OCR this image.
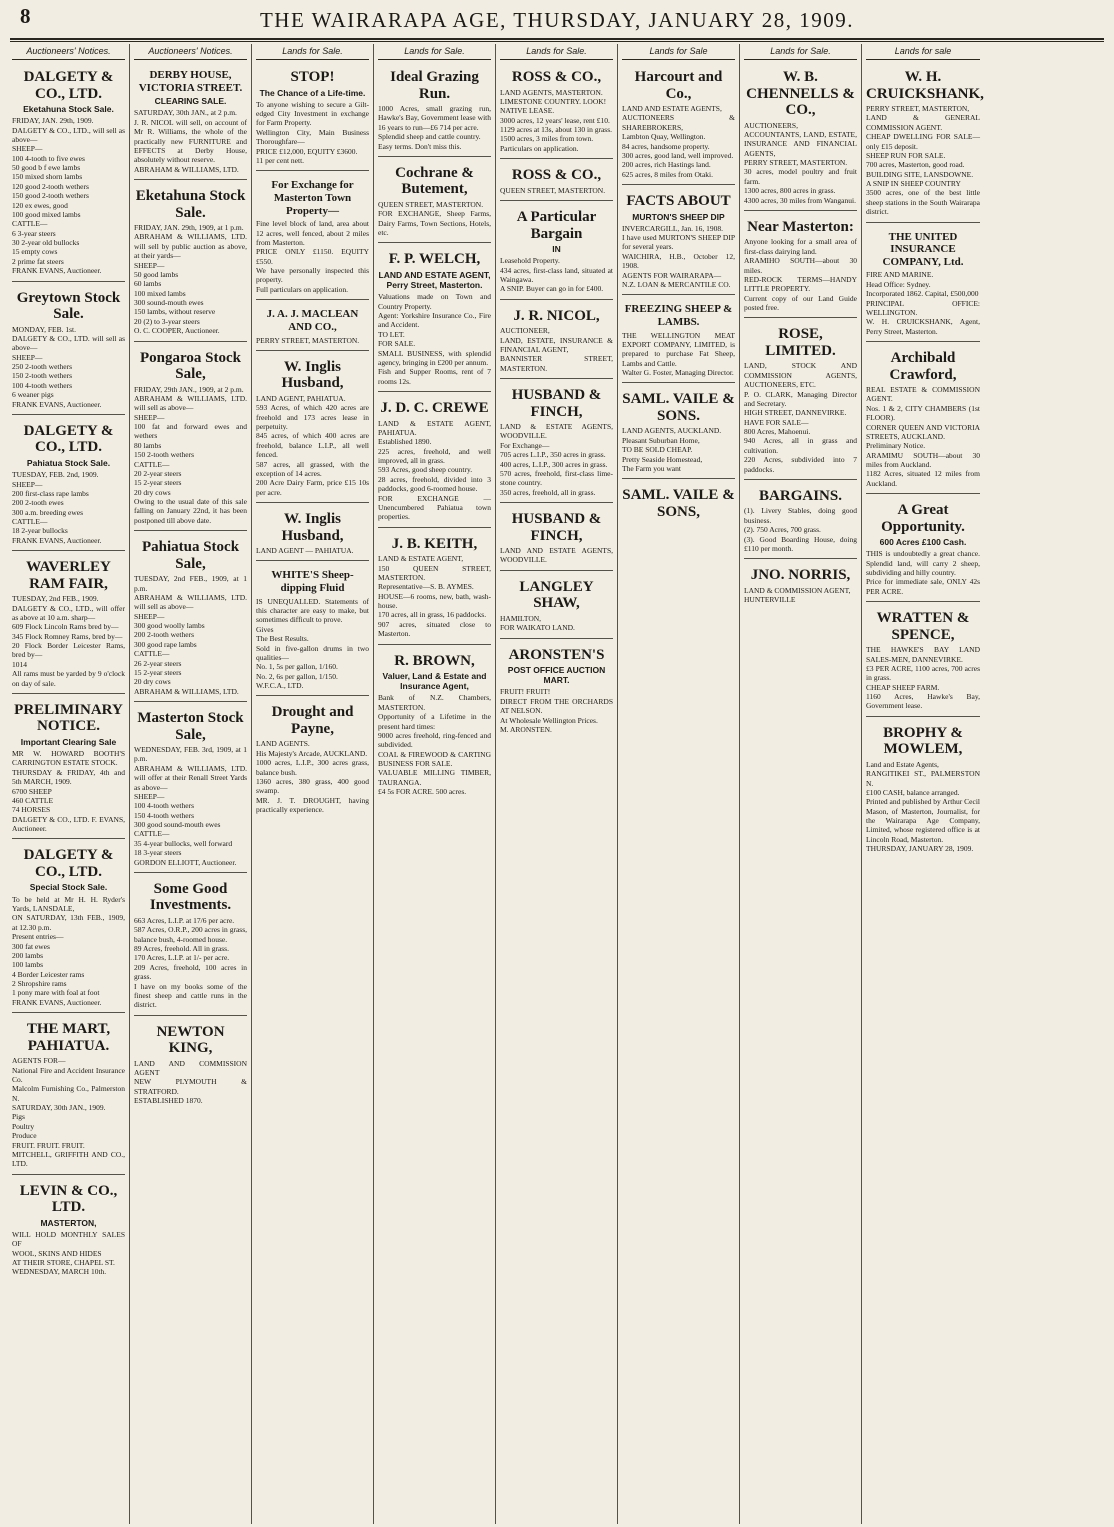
8	THE WAIRARAPA AGE, THURSDAY, JANUARY 28, 1909.
Auctioneers' Notices.
DALGETY & CO., LTD.
Eketahuna Stock Sale.
FRIDAY, JAN. 29th, 1909.
DALGETY & CO., LTD., will sell as above—
SHEEP—
100 4-tooth to five ewes
50 good b f ewe lambs
150 mixed shorn lambs
120 good 2-tooth wethers
150 good 2-tooth wethers
120 ex ewes, good
100 good mixed lambs
CATTLE—
6 3-year steers
30 2-year old bullocks
15 empty cows
2 prime fat steers
FRANK EVANS, Auctioneer.
Greytown Stock Sale.
MONDAY, FEB. 1st.
DALGETY & CO., LTD. will sell as above—
SHEEP—
250 2-tooth wethers
150 2-tooth wethers
100 4-tooth wethers
6 weaner pigs
FRANK EVANS, Auctioneer.
DALGETY & CO., LTD.
Pahiatua Stock Sale.
TUESDAY, FEB. 2nd, 1909.
SHEEP—
200 first-class rape lambs
200 2-tooth ewes
300 a.m. breeding ewes
CATTLE—
18 2-year bullocks
FRANK EVANS, Auctioneer.
WAVERLEY RAM FAIR,
TUESDAY, 2nd FEB., 1909.
DALGETY & CO., LTD., will offer as above at 10 a.m. sharp—
609 Flock Lincoln Rams bred by—
345 Flock Romney Rams, bred by—
20 Flock Border Leicester Rams, bred by—
1014
All rams must be yarded by 9 o'clock on day of sale.
PRELIMINARY NOTICE.
Important Clearing Sale
MR W. HOWARD BOOTH'S CARRINGTON ESTATE STOCK.
THURSDAY & FRIDAY, 4th and 5th MARCH, 1909.
6700 SHEEP
460 CATTLE
74 HORSES
DALGETY & CO., LTD. F. EVANS, Auctioneer.
DALGETY & CO., LTD.
Special Stock Sale.
To be held at Mr H. H. Ryder's Yards, LANSDALE,
ON SATURDAY, 13th FEB., 1909, at 12.30 p.m.
Present entries—
300 fat ewes
200 lambs
100 lambs
4 Border Leicester rams
2 Shropshire rams
1 pony mare with foal at foot
FRANK EVANS, Auctioneer.
THE MART, PAHIATUA.
AGENTS FOR—
National Fire and Accident Insurance Co.
Malcolm Furnishing Co., Palmerston N.
SATURDAY, 30th JAN., 1909.
Pigs
Poultry
Produce
FRUIT. FRUIT. FRUIT.
MITCHELL, GRIFFITH AND CO., LTD.
LEVIN & CO., LTD.
MASTERTON,
WILL HOLD MONTHLY SALES OF
WOOL, SKINS AND HIDES
AT THEIR STORE, CHAPEL ST.
WEDNESDAY, MARCH 10th.
Auctioneers' Notices.
DERBY HOUSE, VICTORIA STREET.
CLEARING SALE.
SATURDAY, 30th JAN., at 2 p.m.
J. R. NICOL will sell, on account of Mr R. Williams, the whole of the practically new FURNITURE and EFFECTS at Derby House, absolutely without reserve.
ABRAHAM & WILLIAMS, LTD.
Eketahuna Stock Sale.
FRIDAY, JAN. 29th, 1909, at 1 p.m.
ABRAHAM & WILLIAMS, LTD. will sell by public auction as above, at their yards—
SHEEP—
50 good lambs
60 lambs
100 mixed lambs
300 sound-mouth ewes
150 lambs, without reserve
20 (2) to 3-year steers
O. C. COOPER, Auctioneer.
Pongaroa Stock Sale,
FRIDAY, 29th JAN., 1909, at 2 p.m.
ABRAHAM & WILLIAMS, LTD. will sell as above—
SHEEP—
100 fat and forward ewes and wethers
80 lambs
150 2-tooth wethers
CATTLE—
20 2-year steers
15 2-year steers
20 dry cows
Owing to the usual date of this sale falling on January 22nd, it has been postponed till above date.
Pahiatua Stock Sale,
TUESDAY, 2nd FEB., 1909, at 1 p.m.
ABRAHAM & WILLIAMS, LTD. will sell as above—
SHEEP—
300 good woolly lambs
200 2-tooth wethers
300 good rape lambs
CATTLE—
26 2-year steers
15 2-year steers
20 dry cows
ABRAHAM & WILLIAMS, LTD.
Masterton Stock Sale,
WEDNESDAY, FEB. 3rd, 1909, at 1 p.m.
ABRAHAM & WILLIAMS, LTD. will offer at their Renall Street Yards as above—
SHEEP—
100 4-tooth wethers
150 4-tooth wethers
300 good sound-mouth ewes
CATTLE—
35 4-year bullocks, well forward
18 3-year steers
GORDON ELLIOTT, Auctioneer.
Some Good Investments.
663 Acres, L.I.P. at 17/6 per acre.
587 Acres, O.R.P., 200 acres in grass, balance bush, 4-roomed house.
89 Acres, freehold. All in grass.
170 Acres, L.I.P. at 1/- per acre.
209 Acres, freehold, 100 acres in grass.
I have on my books some of the finest sheep and cattle runs in the district.
NEWTON KING,
LAND AND COMMISSION AGENT
NEW PLYMOUTH & STRATFORD.
ESTABLISHED 1870.
Lands for Sale.
STOP!
The Chance of a Life-time.
To anyone wishing to secure a Gilt-edged City Investment in exchange for Farm Property.
Wellington City, Main Business Thoroughfare—
PRICE £12,000, EQUITY £3600.
11 per cent nett.
For Exchange for Masterton Town Property—
Fine level block of land, area about 12 acres, well fenced, about 2 miles from Masterton.
PRICE ONLY £1150. EQUITY £550.
We have personally inspected this property.
Full particulars on application.
J. A. J. MACLEAN AND CO.,
PERRY STREET, MASTERTON.
W. Inglis Husband,
LAND AGENT, PAHIATUA.
593 Acres, of which 420 acres are freehold and 173 acres lease in perpetuity.
845 acres, of which 400 acres are freehold, balance L.I.P., all well fenced.
587 acres, all grassed, with the exception of 14 acres.
200 Acre Dairy Farm, price £15 10s per acre.
W. Inglis Husband,
LAND AGENT — PAHIATUA.
WHITE'S Sheep-dipping Fluid
IS UNEQUALLED. Statements of this character are easy to make, but sometimes difficult to prove.
Gives
The Best Results.
Sold in five-gallon drums in two qualities—
No. 1, 5s per gallon, 1/160.
No. 2, 6s per gallon, 1/150.
W.F.C.A., LTD.
Drought and Payne,
LAND AGENTS.
His Majesty's Arcade, AUCKLAND.
1000 acres, L.I.P., 300 acres grass, balance bush.
1360 acres, 380 grass, 400 good swamp.
MR. J. T. DROUGHT, having practically experience.
Lands for Sale.
Ideal Grazing Run.
1000 Acres, small grazing run, Hawke's Bay, Government lease with 16 years to run—£6 714 per acre.
Splendid sheep and cattle country.
Easy terms. Don't miss this.
Cochrane & Butement,
QUEEN STREET, MASTERTON.
FOR EXCHANGE, Sheep Farms, Dairy Farms, Town Sections, Hotels, etc.
F. P. WELCH,
LAND AND ESTATE AGENT, Perry Street, Masterton.
Valuations made on Town and Country Property.
Agent: Yorkshire Insurance Co., Fire and Accident.
TO LET.
FOR SALE.
SMALL BUSINESS, with splendid agency, bringing in £200 per annum.
Fish and Supper Rooms, rent of 7 rooms 12s.
J. D. C. CREWE
LAND & ESTATE AGENT, PAHIATUA.
Established 1890.
225 acres, freehold, and well improved, all in grass.
593 Acres, good sheep country.
28 acres, freehold, divided into 3 paddocks, good 6-roomed house.
FOR EXCHANGE — Unencumbered Pahiatua town properties.
J. B. KEITH,
LAND & ESTATE AGENT,
150 QUEEN STREET, MASTERTON.
Representative—S. B. AYMES.
HOUSE—6 rooms, new, bath, wash-house.
170 acres, all in grass, 16 paddocks.
907 acres, situated close to Masterton.
R. BROWN,
Valuer, Land & Estate and Insurance Agent,
Bank of N.Z. Chambers, MASTERTON.
Opportunity of a Lifetime in the present hard times:
9000 acres freehold, ring-fenced and subdivided.
COAL & FIREWOOD & CARTING BUSINESS FOR SALE.
VALUABLE MILLING TIMBER, TAURANGA.
£4 5s FOR ACRE. 500 acres.
Lands for Sale.
ROSS & CO.,
LAND AGENTS, MASTERTON.
LIMESTONE COUNTRY. LOOK!
NATIVE LEASE.
3000 acres, 12 years' lease, rent £10.
1129 acres at 13s, about 130 in grass.
1500 acres, 3 miles from town.
Particulars on application.
ROSS & CO.,
QUEEN STREET, MASTERTON.
A Particular Bargain
IN
Leasehold Property.
434 acres, first-class land, situated at Waingawa.
A SNIP. Buyer can go in for £400.
J. R. NICOL,
AUCTIONEER,
LAND, ESTATE, INSURANCE & FINANCIAL AGENT,
BANNISTER STREET, MASTERTON.
HUSBAND & FINCH,
LAND & ESTATE AGENTS, WOODVILLE.
For Exchange—
705 acres L.I.P., 350 acres in grass.
400 acres, L.I.P., 300 acres in grass.
570 acres, freehold, first-class lime-stone country.
350 acres, freehold, all in grass.
HUSBAND & FINCH,
LAND AND ESTATE AGENTS, WOODVILLE.
LANGLEY SHAW,
HAMILTON,
FOR WAIKATO LAND.
ARONSTEN'S
POST OFFICE AUCTION MART.
FRUIT! FRUIT!
DIRECT FROM THE ORCHARDS AT NELSON.
At Wholesale Wellington Prices.
M. ARONSTEN.
Lands for Sale
Harcourt and Co.,
LAND AND ESTATE AGENTS,
AUCTIONEERS & SHAREBROKERS,
Lambton Quay, Wellington.
84 acres, handsome property.
300 acres, good land, well improved.
200 acres, rich Hastings land.
625 acres, 8 miles from Otaki.
FACTS ABOUT
MURTON'S SHEEP DIP
INVERCARGILL, Jan. 16, 1908.
I have used MURTON'S SHEEP DIP for several years.
WAICHIRA, H.B., October 12, 1908.
AGENTS FOR WAIRARAPA—
N.Z. LOAN & MERCANTILE CO.
FREEZING SHEEP & LAMBS.
THE WELLINGTON MEAT EXPORT COMPANY, LIMITED, is prepared to purchase Fat Sheep, Lambs and Cattle.
Walter G. Foster, Managing Director.
SAML. VAILE & SONS.
LAND AGENTS, AUCKLAND.
Pleasant Suburban Home,
TO BE SOLD CHEAP.
Pretty Seaside Homestead,
The Farm you want
SAML. VAILE & SONS,
Lands for Sale.
W. B. CHENNELLS & CO.,
AUCTIONEERS,
ACCOUNTANTS, LAND, ESTATE, INSURANCE AND FINANCIAL AGENTS,
PERRY STREET, MASTERTON.
30 acres, model poultry and fruit farm.
1300 acres, 800 acres in grass.
4300 acres, 30 miles from Wanganui.
Near Masterton:
Anyone looking for a small area of first-class dairying land.
ARAMIHO SOUTH—about 30 miles.
RED-ROCK TERMS—HANDY LITTLE PROPERTY.
Current copy of our Land Guide posted free.
ROSE, LIMITED.
LAND, STOCK AND COMMISSION AGENTS, AUCTIONEERS, ETC.
P. O. CLARK, Managing Director and Secretary.
HIGH STREET, DANNEVIRKE.
HAVE FOR SALE—
800 Acres, Mahoenui.
940 Acres, all in grass and cultivation.
220 Acres, subdivided into 7 paddocks.
BARGAINS.
(1). Livery Stables, doing good business.
(2). 750 Acres, 700 grass.
(3). Good Boarding House, doing £110 per month.
JNO. NORRIS,
LAND & COMMISSION AGENT,
HUNTERVILLE
Lands for sale
W. H. CRUICKSHANK,
PERRY STREET, MASTERTON,
LAND & GENERAL COMMISSION AGENT.
CHEAP DWELLING FOR SALE—only £15 deposit.
SHEEP RUN FOR SALE.
700 acres, Masterton, good road.
BUILDING SITE, LANSDOWNE.
A SNIP IN SHEEP COUNTRY
3500 acres, one of the best little sheep stations in the South Wairarapa district.
THE UNITED INSURANCE COMPANY, Ltd.
FIRE AND MARINE.
Head Office: Sydney.
Incorporated 1862. Capital, £500,000
PRINCIPAL OFFICE: WELLINGTON.
W. H. CRUICKSHANK, Agent, Perry Street, Masterton.
Archibald Crawford,
REAL ESTATE & COMMISSION AGENT.
Nos. 1 & 2, CITY CHAMBERS (1st FLOOR).
CORNER QUEEN AND VICTORIA STREETS, AUCKLAND.
Preliminary Notice.
ARAMIMU SOUTH—about 30 miles from Auckland.
1182 Acres, situated 12 miles from Auckland.
A Great Opportunity.
600 Acres £100 Cash.
THIS is undoubtedly a great chance. Splendid land, will carry 2 sheep, subdividing and hilly country.
Price for immediate sale, ONLY 42s PER ACRE.
WRATTEN & SPENCE,
THE HAWKE'S BAY LAND SALES-MEN, DANNEVIRKE.
£3 PER ACRE, 1100 acres, 700 acres in grass.
CHEAP SHEEP FARM.
1160 Acres, Hawke's Bay, Government lease.
BROPHY & MOWLEM,
Land and Estate Agents,
RANGITIKEI ST., PALMERSTON N.
£100 CASH, balance arranged.
Printed and published by Arthur Cecil Mason, of Masterton, Journalist, for the Wairarapa Age Company, Limited, whose registered office is at Lincoln Road, Masterton.
THURSDAY, JANUARY 28, 1909.
